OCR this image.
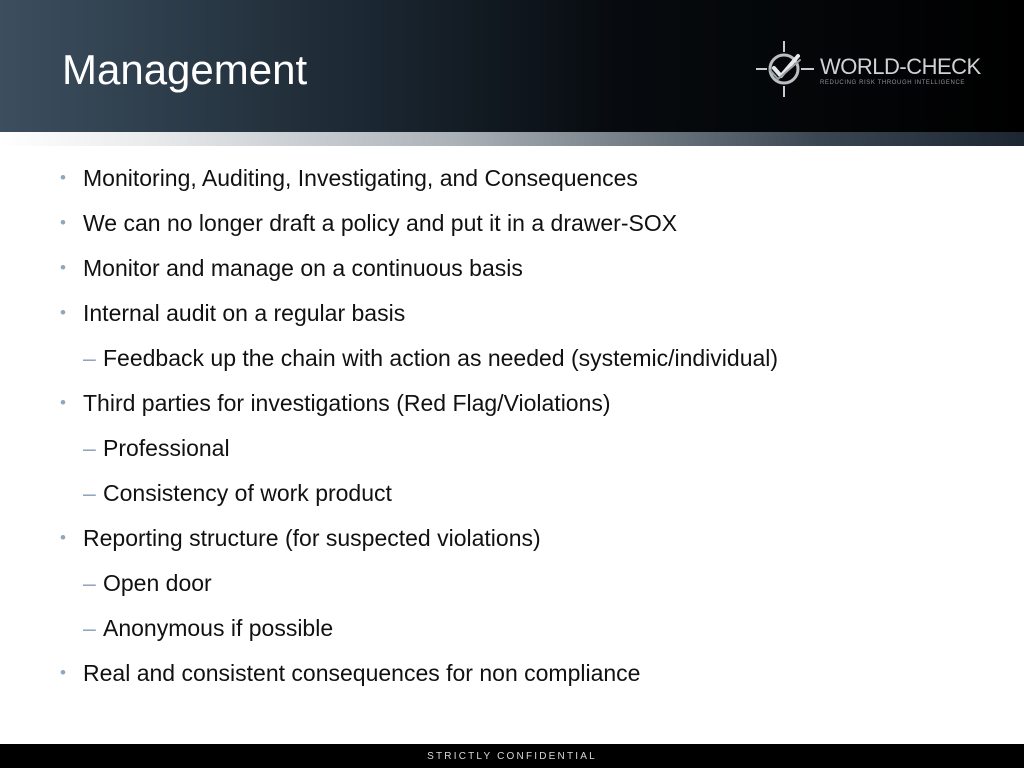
Management	WORLD-CHECK
REDUCING RISK THROUGH INTELLIGENCE
• Monitoring, Auditing, Investigating, and Consequences
• We can no longer draft a policy and put it in a drawer-SOX
• Monitor and manage on a continuous basis
• Internal audit on a regular basis
– Feedback up the chain with action as needed (systemic/individual)
• Third parties for investigations (Red Flag/Violations)
– Professional
– Consistency of work product
• Reporting structure (for suspected violations)
– Open door
– Anonymous if possible
• Real and consistent consequences for non compliance
STRICTLY CONFIDENTIAL
